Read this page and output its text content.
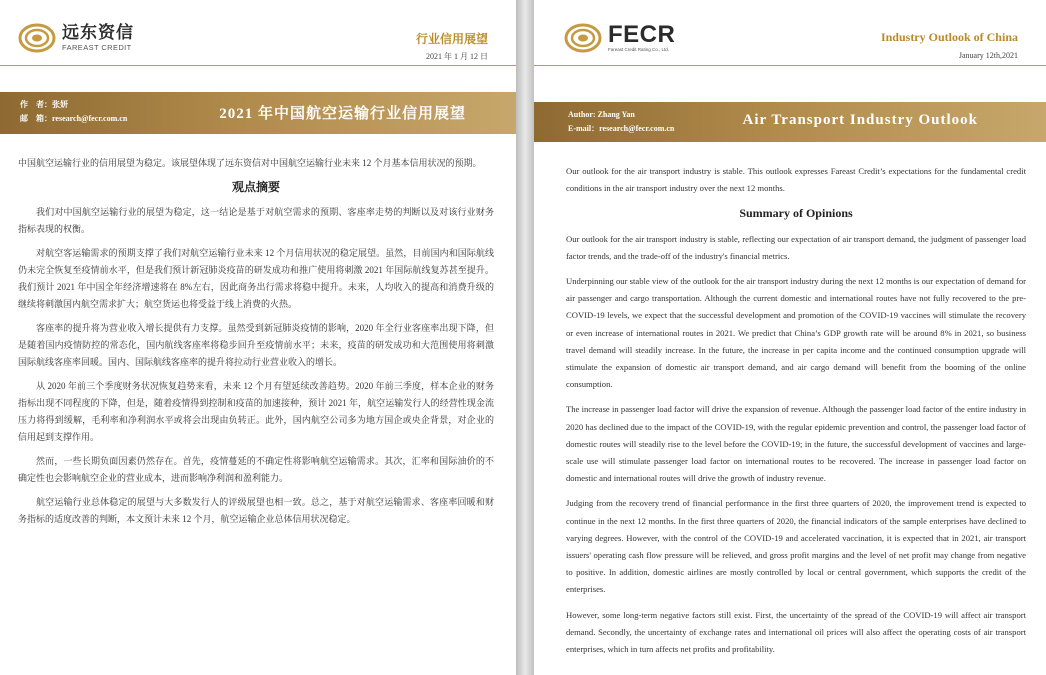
远东资信
FAREAST CREDIT
行业信用展望
2021 年 1 月 12 日
作　者：张妍
邮　箱：research@fecr.com.cn	2021 年中国航空运输行业信用展望

中国航空运输行业的信用展望为稳定。该展望体现了远东资信对中国航空运输行业未来 12 个月基本信用状况的预期。

观点摘要

我们对中国航空运输行业的展望为稳定，这一结论是基于对航空需求的预期、客座率走势的判断以及对该行业财务指标表现的权衡。

对航空客运输需求的预期支撑了我们对航空运输行业未来 12 个月信用状况的稳定展望。虽然，目前国内和国际航线仍未完全恢复至疫情前水平，但是我们预计新冠肺炎疫苗的研发成功和推广使用将刺激 2021 年国际航线复苏甚至提升。我们预计 2021 年中国全年经济增速将在 8%左右，因此商务出行需求将稳中提升。未来，人均收入的提高和消费升级的继续将刺激国内航空需求扩大；航空货运也将受益于线上消费的火热。

客座率的提升将为营业收入增长提供有力支撑。虽然受到新冠肺炎疫情的影响，2020 年全行业客座率出现下降，但是随着国内疫情防控的常态化，国内航线客座率将稳步回升至疫情前水平；未来，疫苗的研发成功和大范围使用将刺激国际航线客座率回暖。国内、国际航线客座率的提升将拉动行业营业收入的增长。

从 2020 年前三个季度财务状况恢复趋势来看，未来 12 个月有望延续改善趋势。2020 年前三季度，样本企业的财务指标出现不同程度的下降，但是，随着疫情得到控制和疫苗的加速接种，预计 2021 年，航空运输发行人的经营性现金流压力将得到缓解，毛利率和净利润水平或将会出现由负转正。此外，国内航空公司多为地方国企或央企背景，对企业的信用起到支撑作用。

然而，一些长期负面因素仍然存在。首先，疫情蔓延的不确定性将影响航空运输需求。其次，汇率和国际油价的不确定性也会影响航空企业的营业成本，进而影响净利润和盈利能力。

航空运输行业总体稳定的展望与大多数发行人的评级展望也相一致。总之，基于对航空运输需求、客座率回暖和财务指标的适度改善的判断，本文预计未来 12 个月，航空运输企业总体信用状况稳定。

FECR
Fareast Credit Rating Co., Ltd.
Industry Outlook of China
January 12th,2021
Author: Zhang Yan
E-mail：research@fecr.com.cn
Air Transport Industry Outlook

Our outlook for the air transport industry is stable. This outlook expresses Fareast Credit’s expectations for the fundamental credit conditions in the air transport industry over the next 12 months.

Summary of Opinions

Our outlook for the air transport industry is stable, reflecting our expectation of air transport demand, the judgment of passenger load factor trends, and the trade-off of the industry's financial metrics.

Underpinning our stable view of the outlook for the air transport industry during the next 12 months is our expectation of demand for air passenger and cargo transportation. Although the current domestic and international routes have not fully recovered to the pre-COVID-19 levels, we expect that the successful development and promotion of the COVID-19 vaccines will stimulate the recovery or even increase of international routes in 2021. We predict that China’s GDP growth rate will be around 8% in 2021, so business travel demand will steadily increase. In the future, the increase in per capita income and the continued consumption upgrade will stimulate the expansion of domestic air transport demand, and air cargo demand will benefit from the booming of the online consumption.

The increase in passenger load factor will drive the expansion of revenue. Although the passenger load factor of the entire industry in 2020 has declined due to the impact of the COVID-19, with the regular epidemic prevention and control, the passenger load factor of domestic routes will steadily rise to the level before the COVID-19; in the future, the successful development of vaccines and large-scale use will stimulate passenger load factor on international routes to be recovered. The increase in passenger load factor on domestic and international routes will drive the growth of industry revenue.

Judging from the recovery trend of financial performance in the first three quarters of 2020, the improvement trend is expected to continue in the next 12 months. In the first three quarters of 2020, the financial indicators of the sample enterprises have declined to varying degrees. However, with the control of the COVID-19 and accelerated vaccination, it is expected that in 2021, air transport issuers' operating cash flow pressure will be relieved, and gross profit margins and the level of net profit may change from negative to positive. In addition, domestic airlines are mostly controlled by local or central government, which supports the credit of the enterprises.

However, some long-term negative factors still exist. First, the uncertainty of the spread of the COVID-19 will affect air transport demand. Secondly, the uncertainty of exchange rates and international oil prices will also affect the operating costs of air transport enterprises, which in turn affects net profits and profitability.
